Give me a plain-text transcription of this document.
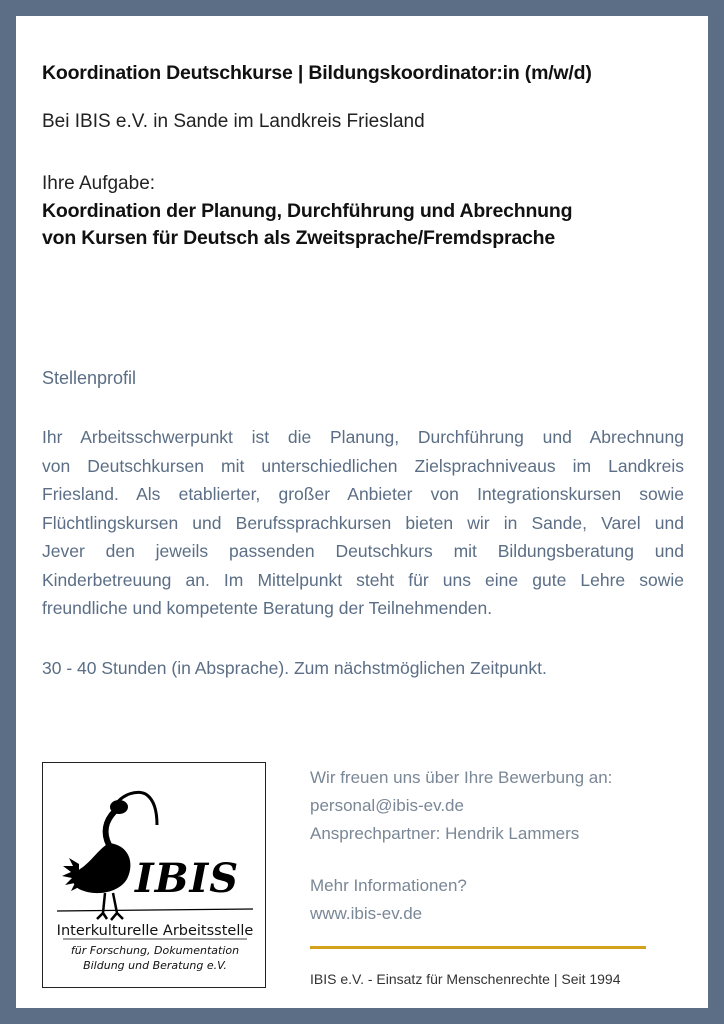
Koordination Deutschkurse | Bildungskoordinator:in (m/w/d)
Bei IBIS e.V. in Sande im Landkreis Friesland
Ihre Aufgabe:
Koordination der Planung, Durchführung und Abrechnung
von Kursen für Deutsch als Zweitsprache/Fremdsprache
Stellenprofil
Ihr Arbeitsschwerpunkt ist die Planung, Durchführung und Abrechnung
von Deutschkursen mit unterschiedlichen Zielsprachniveaus im Landkreis
Friesland. Als etablierter, großer Anbieter von Integrationskursen sowie
Flüchtlingskursen und Berufssprachkursen bieten wir in Sande, Varel und
Jever den jeweils passenden Deutschkurs mit Bildungsberatung und
Kinderbetreuung an. Im Mittelpunkt steht für uns eine gute Lehre sowie
freundliche und kompetente Beratung der Teilnehmenden.
30 - 40 Stunden (in Absprache). Zum nächstmöglichen Zeitpunkt.
IBIS
Interkulturelle Arbeitsstelle
für Forschung, Dokumentation
Bildung und Beratung e.V.
Wir freuen uns über Ihre Bewerbung an:
personal@ibis-ev.de
Ansprechpartner: Hendrik Lammers
Mehr Informationen?
www.ibis-ev.de
IBIS e.V. - Einsatz für Menschenrechte | Seit 1994
